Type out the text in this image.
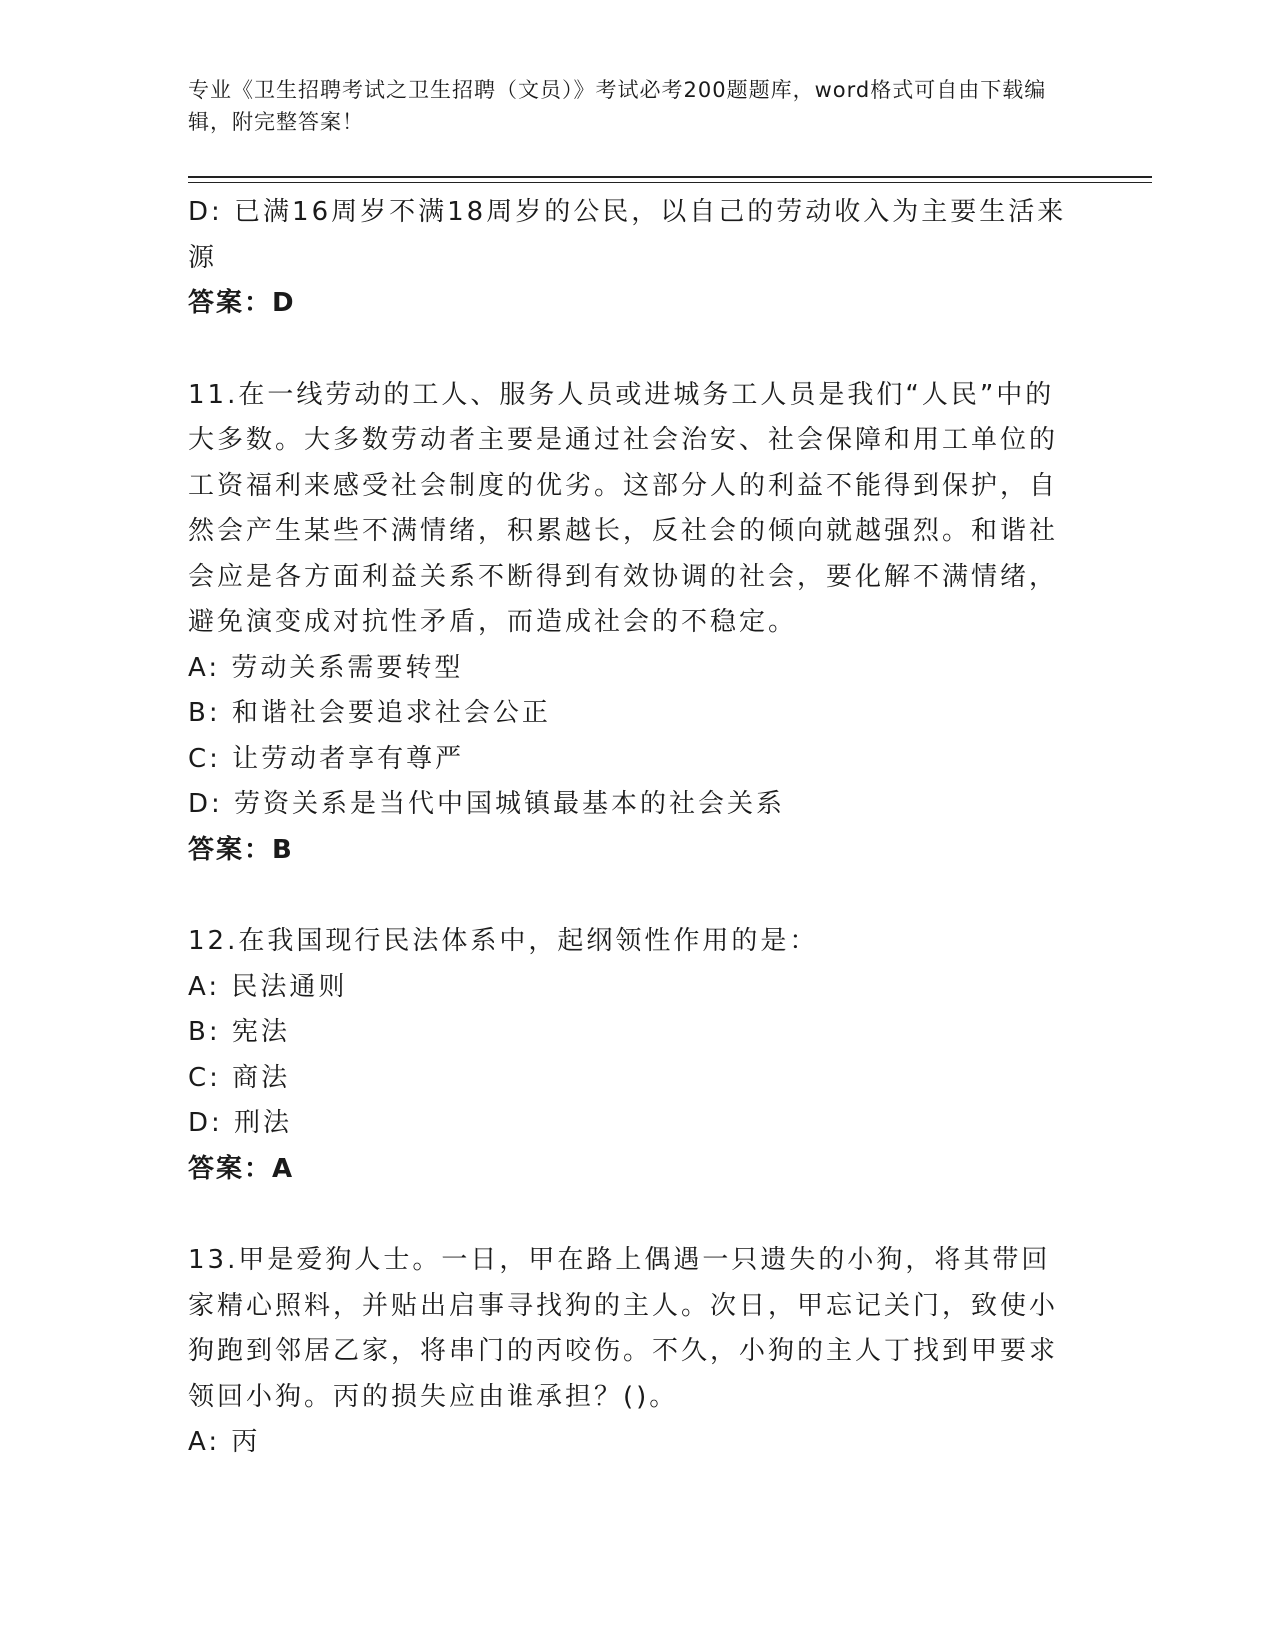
专业《卫生招聘考试之卫生招聘（文员）》考试必考200题题库，word格式可自由下载编辑，附完整答案！
D: 已满16周岁不满18周岁的公民，以自己的劳动收入为主要生活来源
答案：D
11.在一线劳动的工人、服务人员或进城务工人员是我们“人民”中的大多数。大多数劳动者主要是通过社会治安、社会保障和用工单位的工资福利来感受社会制度的优劣。这部分人的利益不能得到保护，自然会产生某些不满情绪，积累越长，反社会的倾向就越强烈。和谐社会应是各方面利益关系不断得到有效协调的社会，要化解不满情绪，避免演变成对抗性矛盾，而造成社会的不稳定。
A: 劳动关系需要转型
B: 和谐社会要追求社会公正
C: 让劳动者享有尊严
D: 劳资关系是当代中国城镇最基本的社会关系
答案：B
12.在我国现行民法体系中，起纲领性作用的是：
A: 民法通则
B: 宪法
C: 商法
D: 刑法
答案：A
13.甲是爱狗人士。一日，甲在路上偶遇一只遗失的小狗，将其带回家精心照料，并贴出启事寻找狗的主人。次日，甲忘记关门，致使小狗跑到邻居乙家，将串门的丙咬伤。不久，小狗的主人丁找到甲要求领回小狗。丙的损失应由谁承担？()。
A: 丙
